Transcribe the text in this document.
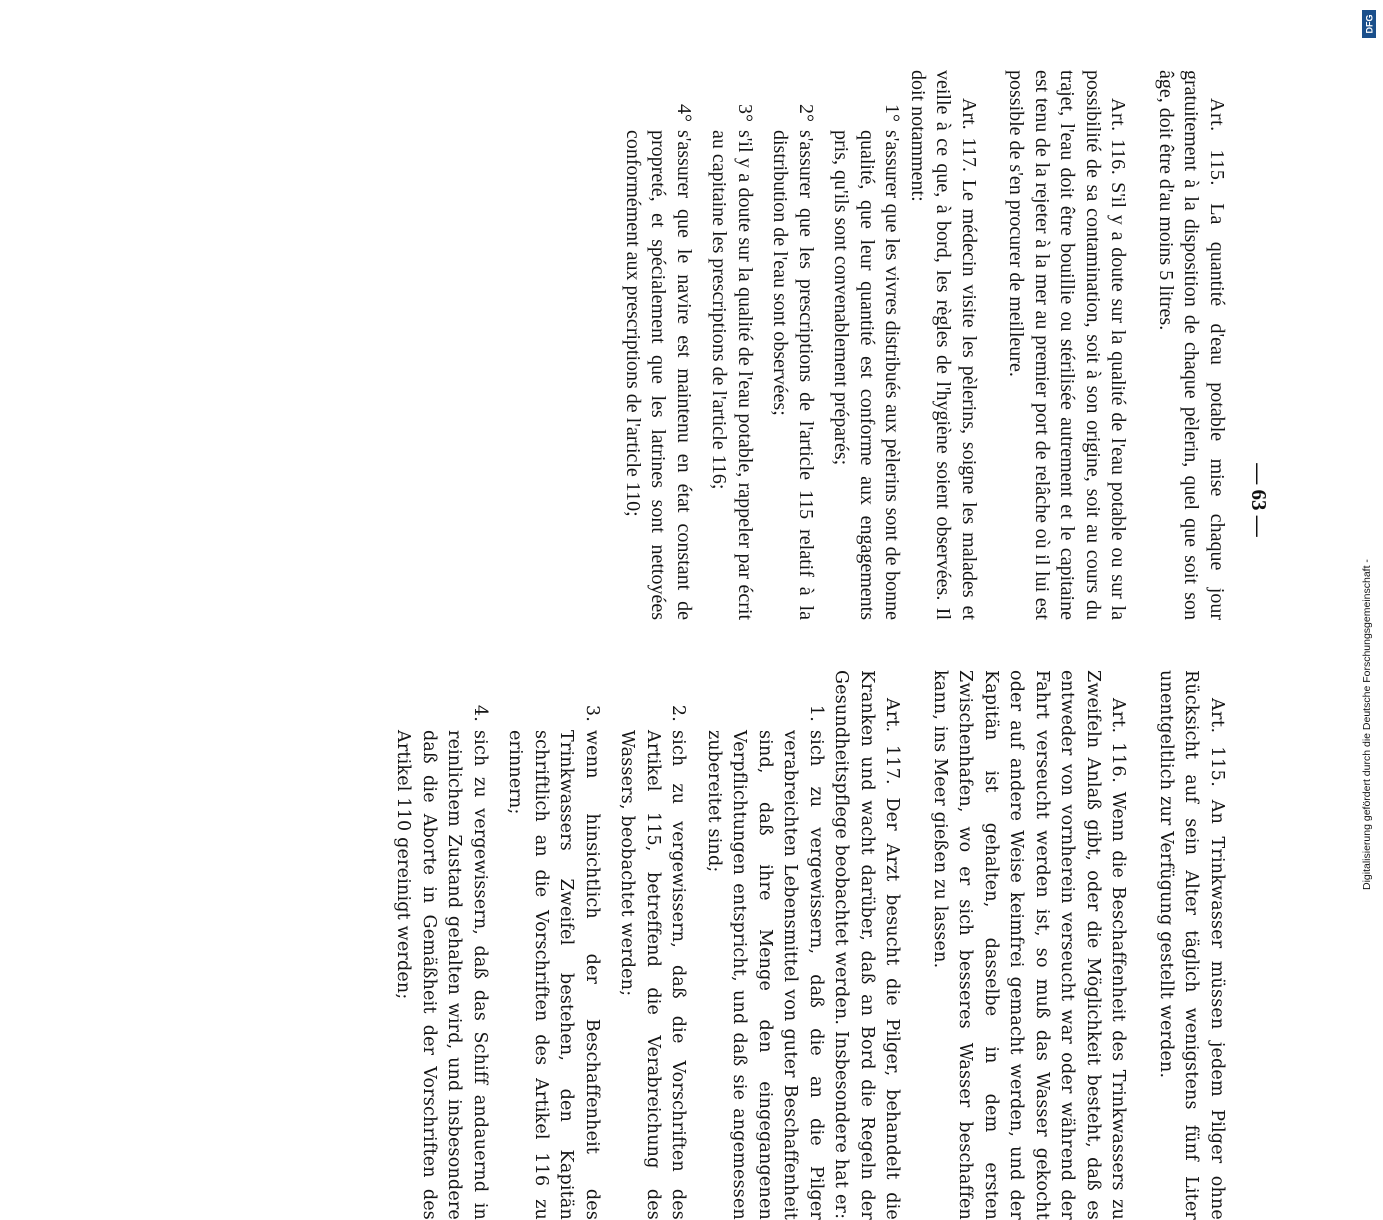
— 63 —

Art. 115. La quantité d'eau potable mise chaque jour gratuitement à la disposition de chaque pèlerin, quel que soit son âge, doit être d'au moins 5 litres.

Art. 116. S'il y a doute sur la qualité de l'eau potable ou sur la possibilité de sa contamination, soit à son origine, soit au cours du trajet, l'eau doit être bouillie ou stérilisée autrement et le capitaine est tenu de la rejeter à la mer au premier port de relâche où il lui est possible de s'en procurer de meilleure.

Art. 117. Le médecin visite les pèlerins, soigne les malades et veille à ce que, à bord, les règles de l'hygiène soient observées. Il doit notamment:

1°
s'assurer que les vivres distribués aux pèlerins sont de bonne qualité, que leur quantité est conforme aux engagements pris, qu'ils sont convenablement préparés;
2°
s'assurer que les prescriptions de l'article 115 relatif à la distribution de l'eau sont observées;
3°
s'il y a doute sur la qualité de l'eau potable, rappeler par écrit au capitaine les prescriptions de l'article 116;
4°
s'assurer que le navire est maintenu en état constant de propreté, et spécialement que les latrines sont nettoyées conformément aux prescriptions de l'article 110;

Art. 115. An Trinkwasser müssen jedem Pilger ohne Rücksicht auf sein Alter täglich wenigstens fünf Liter unentgeltlich zur Verfügung gestellt werden.

Art. 116. Wenn die Beschaffenheit des Trinkwassers zu Zweifeln Anlaß gibt, oder die Möglichkeit besteht, daß es entweder von vornherein verseucht war oder während der Fahrt verseucht werden ist, so muß das Wasser gekocht oder auf andere Weise keimfrei gemacht werden, und der Kapitän ist gehalten, dasselbe in dem ersten Zwischenhafen, wo er sich besseres Wasser beschaffen kann, ins Meer gießen zu lassen.

Art. 117. Der Arzt besucht die Pilger, behandelt die Kranken und wacht darüber, daß an Bord die Regeln der Gesundheitspflege beobachtet werden. Insbesondere hat er:

1.
sich zu vergewissern, daß die an die Pilger verabreichten Lebensmittel von guter Beschaffenheit sind, daß ihre Menge den eingegangenen Verpflichtungen entspricht, und daß sie angemessen zubereitet sind;
2.
sich zu vergewissern, daß die Vorschriften des Artikel 115, betreffend die Verabreichung des Wassers, beobachtet werden;
3.
wenn hinsichtlich der Beschaffenheit des Trinkwassers Zweifel bestehen, den Kapitän schriftlich an die Vorschriften des Artikel 116 zu erinnern;
4.
sich zu vergewissern, daß das Schiff andauernd in reinlichem Zustand gehalten wird, und insbesondere daß die Aborte in Gemäßheit der Vorschriften des Artikel 110 gereinigt werden;	Digitalisierung gefördert durch die Deutsche Forschungsgemeinschaft -
DFG
